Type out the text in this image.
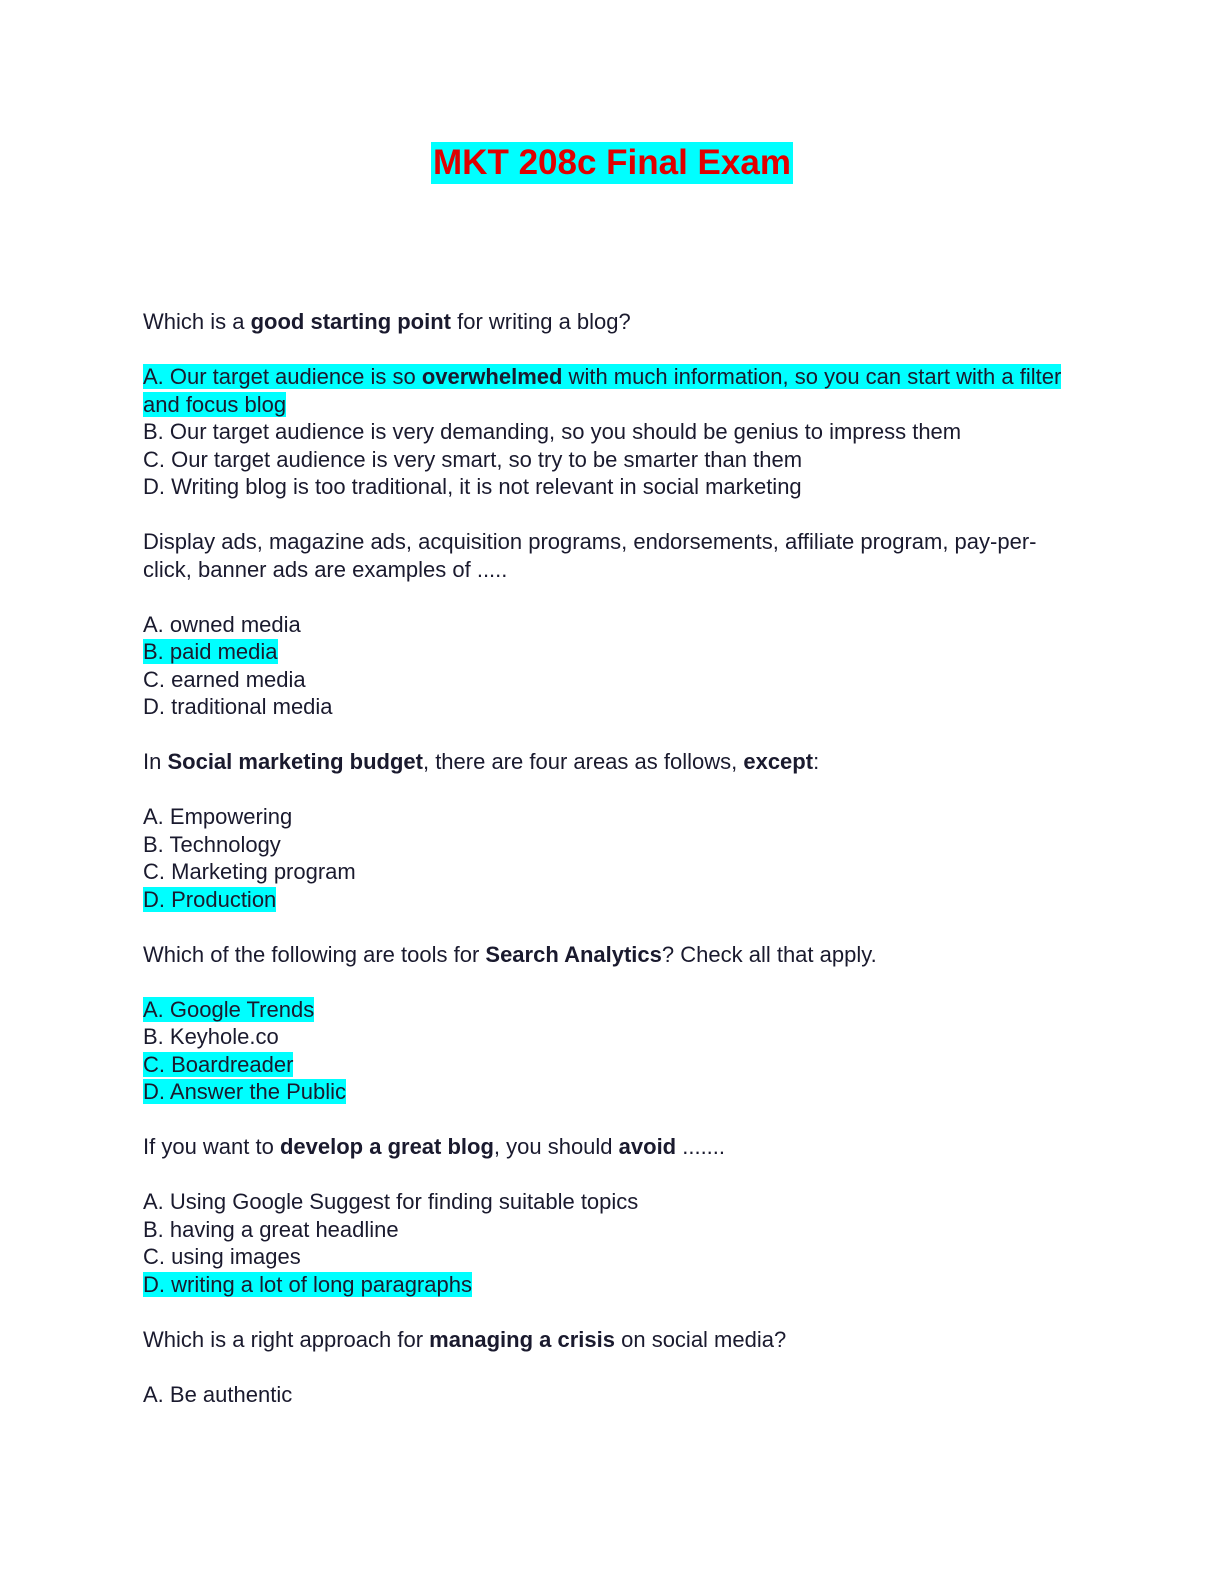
MKT 208c Final Exam

Which is a good starting point for writing a blog?

A. Our target audience is so overwhelmed with much information, so you can start with a filter and focus blog
B. Our target audience is very demanding, so you should be genius to impress them
C. Our target audience is very smart, so try to be smarter than them
D. Writing blog is too traditional, it is not relevant in social marketing

Display ads, magazine ads, acquisition programs, endorsements, affiliate program, pay-per-click, banner ads are examples of .....

A. owned media
B. paid media
C. earned media
D. traditional media

In Social marketing budget, there are four areas as follows, except:

A. Empowering
B. Technology
C. Marketing program
D. Production

Which of the following are tools for Search Analytics? Check all that apply.

A. Google Trends
B. Keyhole.co
C. Boardreader
D. Answer the Public

If you want to develop a great blog, you should avoid .......

A. Using Google Suggest for finding suitable topics
B. having a great headline
C. using images
D. writing a lot of long paragraphs

Which is a right approach for managing a crisis on social media?

A. Be authentic
